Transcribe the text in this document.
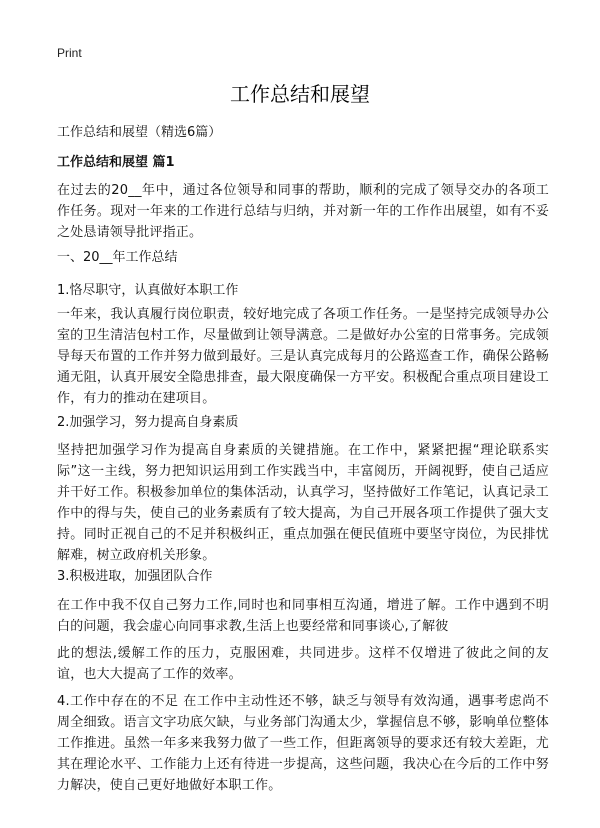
Print
工作总结和展望
工作总结和展望（精选6篇）
工作总结和展望 篇1

在过去的20__年中，通过各位领导和同事的帮助，顺利的完成了领导交办的各项工作任务。现对一年来的工作进行总结与归纳，并对新一年的工作作出展望，如有不妥之处恳请领导批评指正。

一、20__年工作总结

1.恪尽职守，认真做好本职工作

一年来，我认真履行岗位职责，较好地完成了各项工作任务。一是坚持完成领导办公室的卫生清洁包村工作，尽量做到让领导满意。二是做好办公室的日常事务。完成领导每天布置的工作并努力做到最好。三是认真完成每月的公路巡查工作，确保公路畅通无阻，认真开展安全隐患排查，最大限度确保一方平安。积极配合重点项目建设工作，有力的推动在建项目。

2.加强学习，努力提高自身素质

坚持把加强学习作为提高自身素质的关键措施。在工作中，紧紧把握“理论联系实际”这一主线，努力把知识运用到工作实践当中，丰富阅历，开阔视野，使自己适应并干好工作。积极参加单位的集体活动，认真学习，坚持做好工作笔记，认真记录工作中的得与失，使自己的业务素质有了较大提高，为自己开展各项工作提供了强大支持。同时正视自己的不足并积极纠正，重点加强在便民值班中要坚守岗位，为民排忧解难，树立政府机关形象。

3.积极进取，加强团队合作

在工作中我不仅自己努力工作,同时也和同事相互沟通，增进了解。工作中遇到不明白的问题，我会虚心向同事求教,生活上也要经常和同事谈心,了解彼

此的想法,缓解工作的压力，克服困难，共同进步。这样不仅增进了彼此之间的友谊，也大大提高了工作的效率。

4.工作中存在的不足 在工作中主动性还不够，缺乏与领导有效沟通，遇事考虑尚不周全细致。语言文字功底欠缺，与业务部门沟通太少，掌握信息不够，影响单位整体工作推进。虽然一年多来我努力做了一些工作，但距离领导的要求还有较大差距，尤其在理论水平、工作能力上还有待进一步提高，这些问题，我决心在今后的工作中努力解决，使自己更好地做好本职工作。
